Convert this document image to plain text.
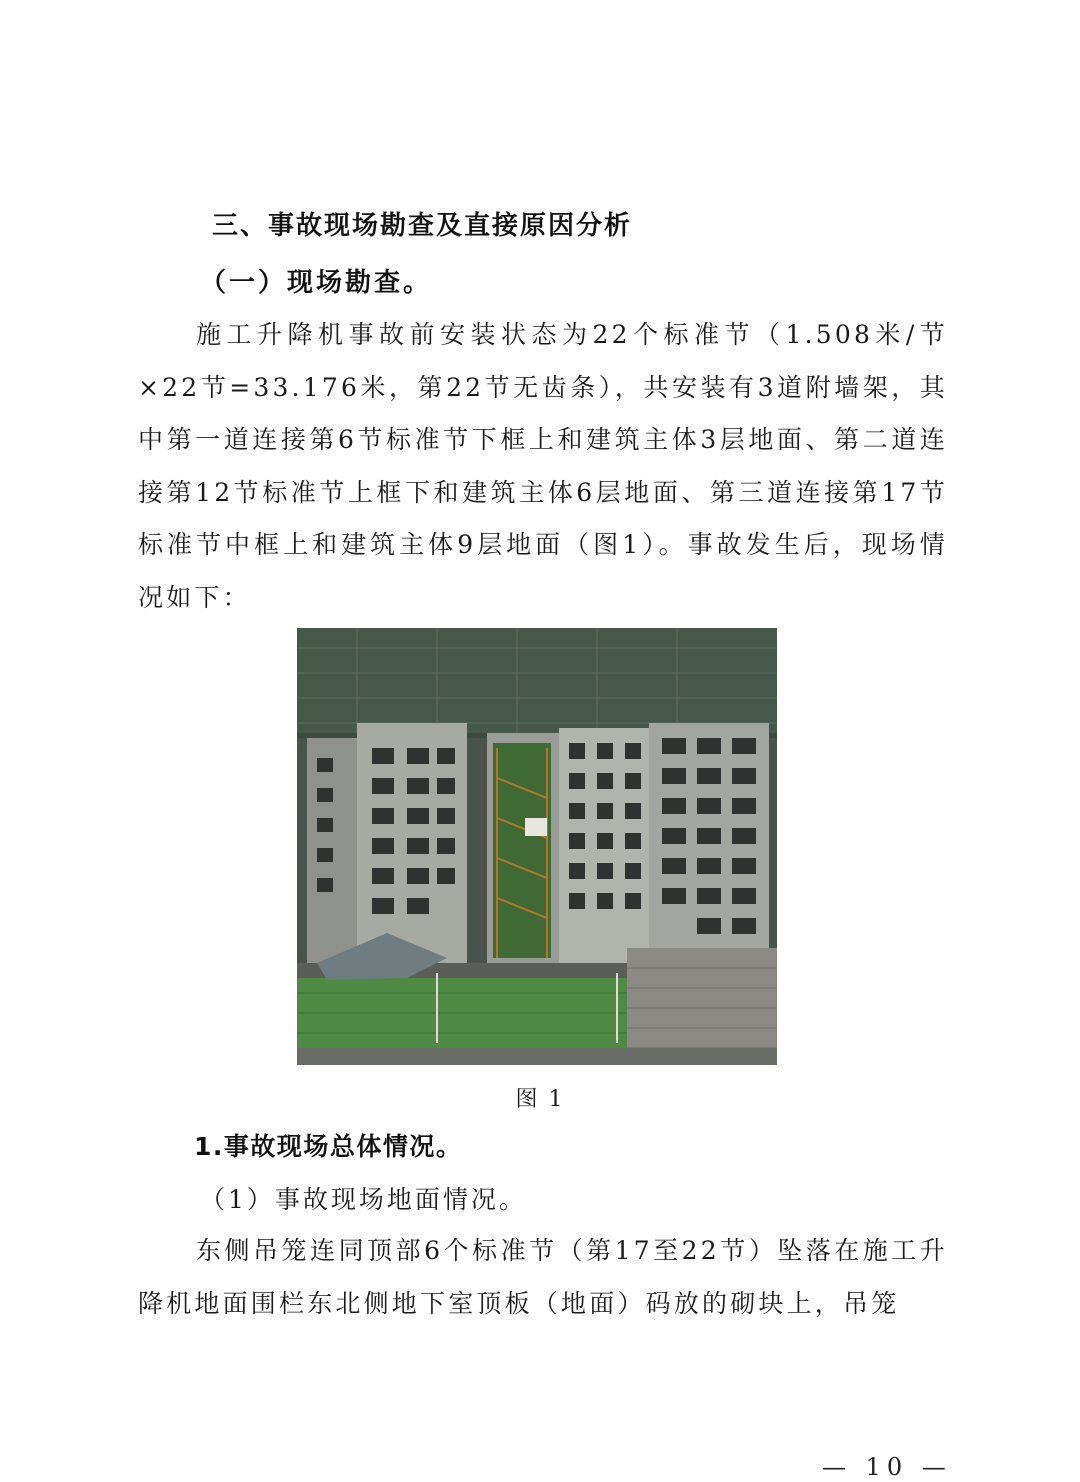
三、事故现场勘查及直接原因分析
（一）现场勘查。
施工升降机事故前安装状态为22个标准节（1.508米/节×22节=33.176米，第22节无齿条），共安装有3道附墙架，其中第一道连接第6节标准节下框上和建筑主体3层地面、第二道连接第12节标准节上框下和建筑主体6层地面、第三道连接第17节标准节中框上和建筑主体9层地面（图1）。事故发生后，现场情况如下：
图 1
1.事故现场总体情况。
（1）事故现场地面情况。
东侧吊笼连同顶部6个标准节（第17至22节）坠落在施工升降机地面围栏东北侧地下室顶板（地面）码放的砌块上，吊笼
— 10 —
